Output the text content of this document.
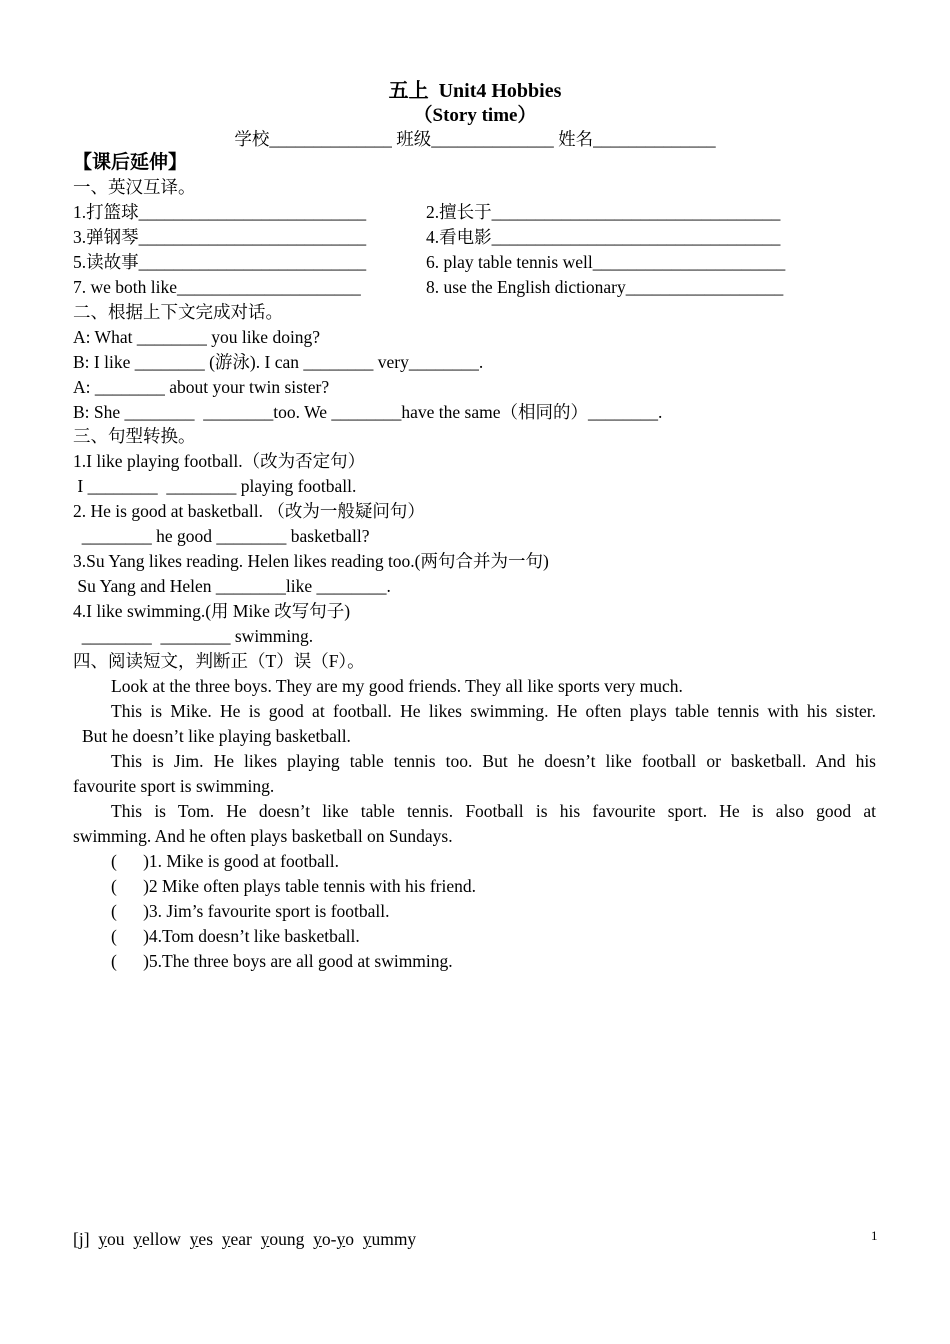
五上  Unit4 Hobbies

（Story time）

学校______________ 班级______________ 姓名______________

【课后延伸】

一、英汉互译。

1.打篮球__________________________	2.擅长于_________________________________

3.弹钢琴__________________________	4.看电影_________________________________

5.读故事__________________________	6. play table tennis well______________________

7. we both like_____________________	8. use the English dictionary__________________

二、根据上下文完成对话。

A: What ________ you like doing?

B: I like ________ (游泳). I can ________ very________.

A: ________ about your twin sister?

B: She ________  ________too. We ________have the same（相同的）________.

三、句型转换。

1.I like playing football.（改为否定句）

I ________  ________ playing football.

2. He is good at basketball. （改为一般疑问句）

________ he good ________ basketball?

3.Su Yang likes reading. Helen likes reading too.(两句合并为一句)

Su Yang and Helen ________like ________.

4.I like swimming.(用 Mike 改写句子)

________  ________ swimming.

四、阅读短文，判断正（T）误（F）。

Look at the three boys. They are my good friends. They all like sports very much.

This is Mike. He is good at football. He likes swimming. He often plays table tennis with his sister.

But he doesn’t like playing basketball.

This is Jim. He likes playing table tennis too. But he doesn’t like football or basketball. And his

favourite sport is swimming.

This is Tom. He doesn’t like table tennis. Football is his favourite sport. He is also good at

swimming. And he often plays basketball on Sundays.

(      )1. Mike is good at football.

(      )2 Mike often plays table tennis with his friend.

(      )3. Jim’s favourite sport is football.

(      )4.Tom doesn’t like basketball.

(      )5.The three boys are all good at swimming.

[j] you yellow yes year young yo-yo yummy	1
